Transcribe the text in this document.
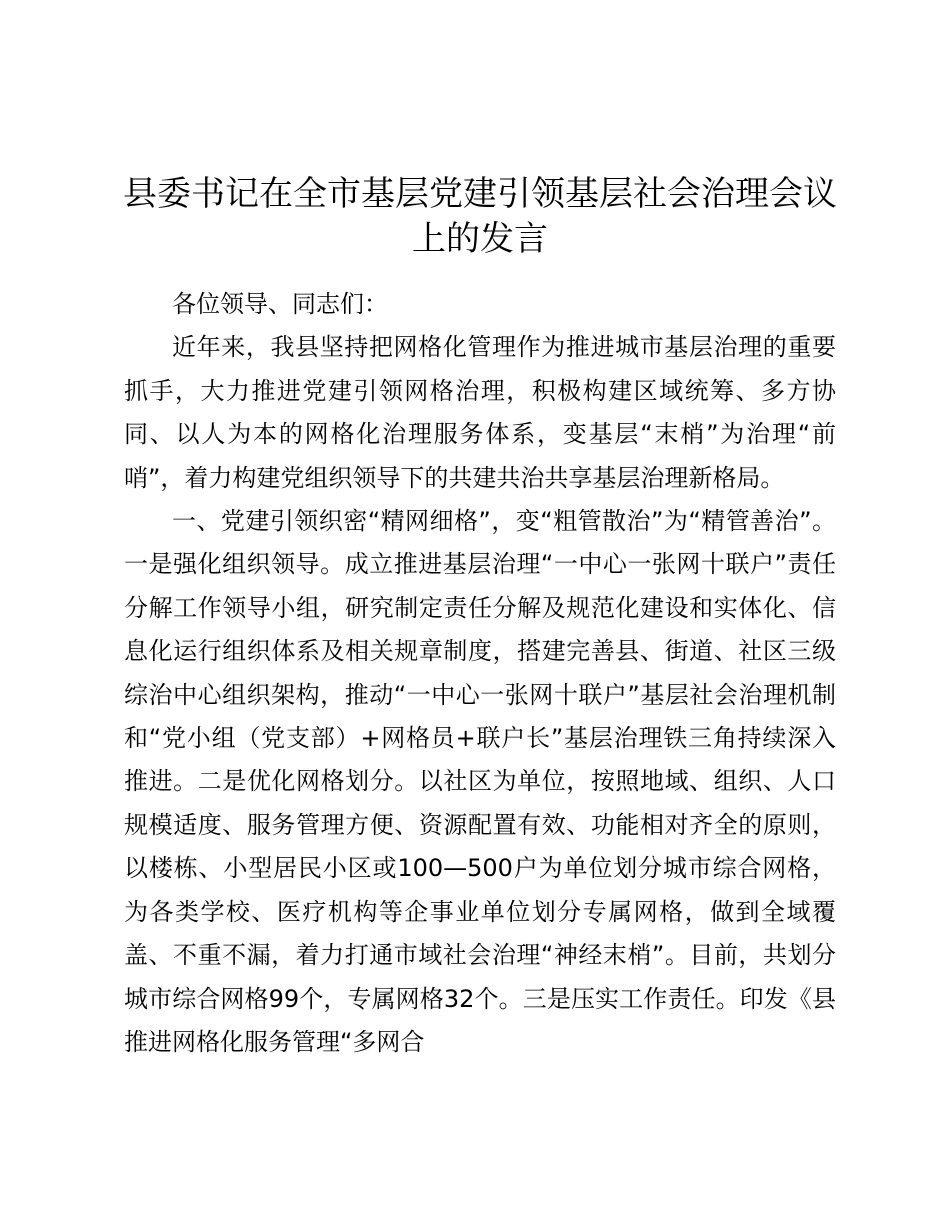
县委书记在全市基层党建引领基层社会治理会议上的发言

各位领导、同志们：

近年来，我县坚持把网格化管理作为推进城市基层治理的重要抓手，大力推进党建引领网格治理，积极构建区域统筹、多方协同、以人为本的网格化治理服务体系，变基层“末梢”为治理“前哨”，着力构建党组织领导下的共建共治共享基层治理新格局。

一、党建引领织密“精网细格”，变“粗管散治”为“精管善治”。一是强化组织领导。成立推进基层治理“一中心一张网十联户”责任分解工作领导小组，研究制定责任分解及规范化建设和实体化、信息化运行组织体系及相关规章制度，搭建完善县、街道、社区三级综治中心组织架构，推动“一中心一张网十联户”基层社会治理机制和“党小组（党支部）+网格员+联户长”基层治理铁三角持续深入推进。二是优化网格划分。以社区为单位，按照地域、组织、人口规模适度、服务管理方便、资源配置有效、功能相对齐全的原则，以楼栋、小型居民小区或100—500户为单位划分城市综合网格，为各类学校、医疗机构等企事业单位划分专属网格，做到全域覆盖、不重不漏，着力打通市域社会治理“神经末梢”。目前，共划分城市综合网格99个，专属网格32个。三是压实工作责任。印发《县推进网格化服务管理“多网合
